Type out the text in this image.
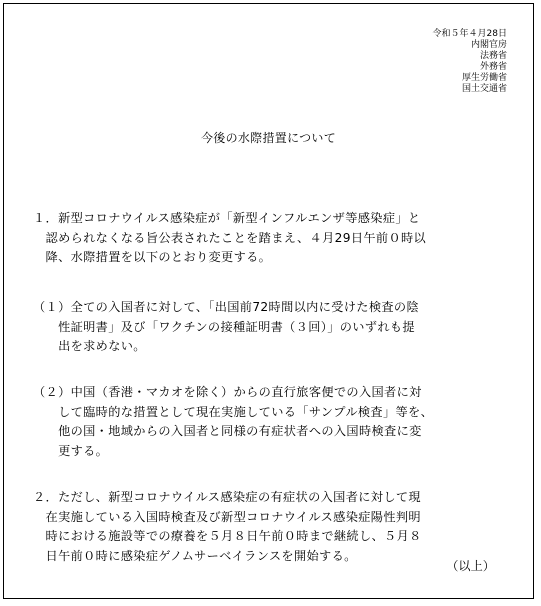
令和５年４月28日
内閣官房
法務省
外務省
厚生労働省
国土交通省
今後の水際措置について
１．新型コロナウイルス感染症が「新型インフルエンザ等感染症」と
　認められなくなる旨公表されたことを踏まえ、４月29日午前０時以
　降、水際措置を以下のとおり変更する。
（１）全ての入国者に対して、「出国前72時間以内に受けた検査の陰
　　性証明書」及び「ワクチンの接種証明書（３回）」のいずれも提
　　出を求めない。
（２）中国（香港・マカオを除く）からの直行旅客便での入国者に対
　　して臨時的な措置として現在実施している「サンプル検査」等を、
　　他の国・地域からの入国者と同様の有症状者への入国時検査に変
　　更する。
２．ただし、新型コロナウイルス感染症の有症状の入国者に対して現
　在実施している入国時検査及び新型コロナウイルス感染症陽性判明
　時における施設等での療養を５月８日午前０時まで継続し、５月８
　日午前０時に感染症ゲノムサーベイランスを開始する。
（以上）
